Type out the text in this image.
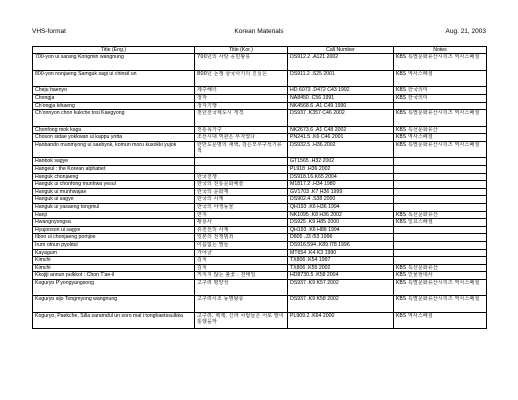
VHS-format	Korean Materials	Aug. 21, 2003
Title (Eng.)	Title (Kor.)	Call Number	Notes
700-yon ui sarang Kongmin wangnung	700년의 사랑 공민왕릉	DS912.2 .A121 2002	KBS 특별문화유산시리즈 역사스페셜
800-yon nonjaeng Samguk sagi ui chinsil un	800년 논쟁 삼국사기의 진실은	DS911.2 .S25 2001	KBS 역사스페셜
Cheju haenyo	제주해녀	HD 6073 .D472 C43 1992	KBS 한국의미
Chongja	청자	NA8450 .C56 1991	KBS 한국의미
Ch'ongja kihaeng	청자기행	NK4568.6 .A1 C49 1990	
Ch'onnyon chon kukche tosi Kaegyong	천년전국제도시 개경	DS937 .K357 C46 2002	KBS 특별문화유산시리즈 역사스페셜
Chonfong mok kagu	전통목가구	NK2673.6 .A1 C48 2002	KBS 특선문화유산
Choson sidae yokkwan ui kappu yotta	조선시대 역관은 부자였다	PN241.5 .K6 C46 2001	KBS 역사스페셜
Hanbando munmyong ui saebyok, komun moru kusokki yujok	한반도문명의 새벽, 검은모루구석기유적	DS932.5 .H36 2002	KBS 특별문화유산시리즈 역사스페셜
Hanbok sagye		GT1565 .H32 2002	
Hangeul : the Korean alphabet		PL918 .H36 2002	
Hanguk chonjaeng	한국전쟁	DS918.16.K65 2004	
Hanguk ui chonfong munhwa yesul	한국의 전통문화예술	M1817.2 .H34 1980	
Hanguk ui munhwajae	한국의 문화재	GV1703 .K7 H36 1999	
Hanguk ui sagye	한국의 사계	DS902.4 .S38 2000	
Hanguk ui yasaeng tongmul	한국의 야생동물	QH193 .K6 H36 1994	
Hanji	한지	NK1095 .K8 H36 2002	KBS 특선문화유산
Hwangnyongsa	황룡사	DS925 .K9 H85 2000	KBS 일요스페셜
Hyujonson ui sagye	휴전선의 사계	QH193 .K6 H88 1994	
Ilbon ui chonjaeng pomjoe	일본의 전쟁범죄	D805 .J3 I53 1996	
Irum otnun pyoldul	이름없는 별들	DS916.594 .K89 I78 1996	
Kayagum	가야금	MT654 .K4 K3 1990	
Kimchi	김치	TX806 .K54 1997	
Kimchi	김치	TX806 .K55 2002	KBS 특선문화유산
Kkojiji annun pulkkot : Chon T'ae-il	꺼지지 않는 불꽃 : 전태일	HD8730.5 .K58 2004	KBS 인물현대사
Koguryo P'yongyangsong	고구려 평양성	DS937 .K9 K57 2002	KBS 특별문화유산시리즈 역사스페셜
Koguryo sijo Tongmyong wangnung	고구려시조 동명왕릉	DS937 .K9 K58 2002	KBS 특별문화유산시리즈 역사스페셜
Koguryo, Paekche, Silla saramdul un soro mal i tonghaetssulkka	고구려, 백제, 신라 사람들은 서로 말이 통했을까	PL909.2 .K64 2000	KBS 역사스페셜
